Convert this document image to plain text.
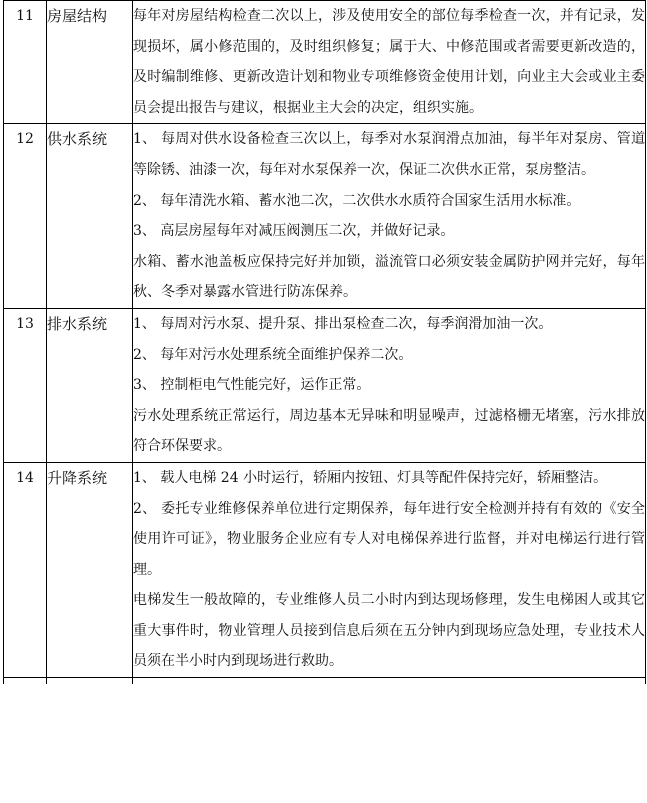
11	房屋结构	每年对房屋结构检查二次以上，涉及使用安全的部位每季检查一次，并有记录，发现损坏，属小修范围的，及时组织修复；属于大、中修范围或者需要更新改造的，及时编制维修、更新改造计划和物业专项维修资金使用计划，向业主大会或业主委员会提出报告与建议，根据业主大会的决定，组织实施。

12	供水系统	1、 每周对供水设备检查三次以上，每季对水泵润滑点加油，每半年对泵房、管道等除锈、油漆一次，每年对水泵保养一次，保证二次供水正常，泵房整洁。

2、 每年清洗水箱、蓄水池二次，二次供水水质符合国家生活用水标准。

3、 高层房屋每年对减压阀测压二次，并做好记录。

水箱、蓄水池盖板应保持完好并加锁，溢流管口必须安装金属防护网并完好，每年秋、冬季对暴露水管进行防冻保养。

13	排水系统	1、 每周对污水泵、提升泵、排出泵检查二次，每季润滑加油一次。

2、 每年对污水处理系统全面维护保养二次。

3、 控制柜电气性能完好，运作正常。

污水处理系统正常运行，周边基本无异味和明显噪声，过滤格栅无堵塞，污水排放符合环保要求。

14	升降系统	1、 载人电梯 24 小时运行，轿厢内按钮、灯具等配件保持完好，轿厢整洁。

2、 委托专业维修保养单位进行定期保养，每年进行安全检测并持有有效的《安全使用许可证》，物业服务企业应有专人对电梯保养进行监督，并对电梯运行进行管理。

电梯发生一般故障的，专业维修人员二小时内到达现场修理，发生电梯困人或其它重大事件时，物业管理人员接到信息后须在五分钟内到现场应急处理，专业技术人员须在半小时内到现场进行救助。
